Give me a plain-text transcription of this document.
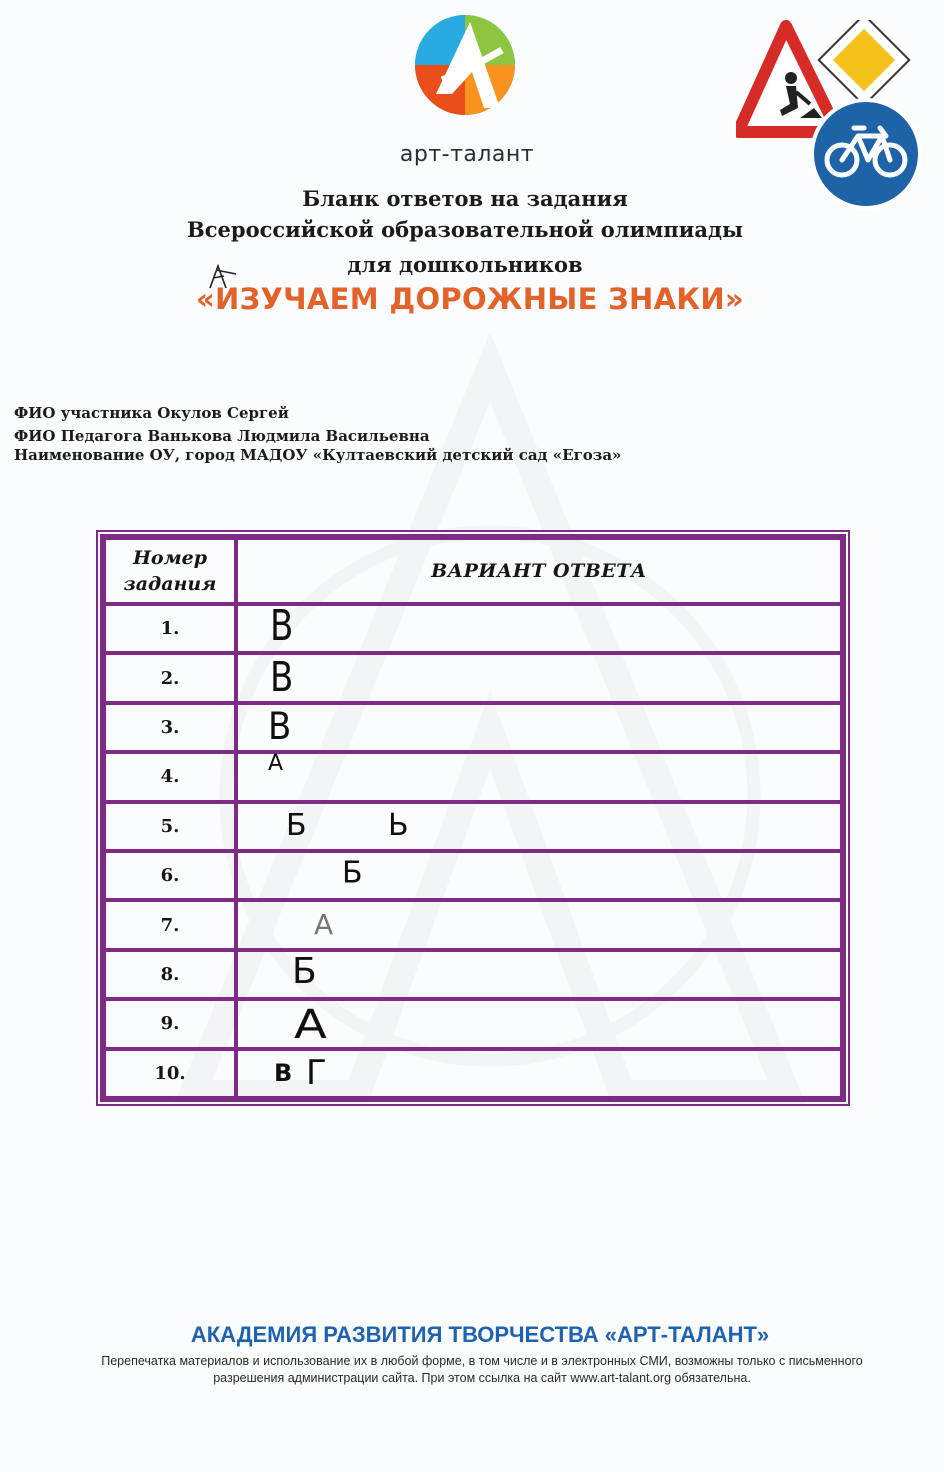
арт-талант
Бланк ответов на задания
Всероссийской образовательной олимпиады
для дошкольников
«ИЗУЧАЕМ ДОРОЖНЫЕ ЗНАКИ»
ФИО участника Окулов Сергей
ФИО Педагога Ванькова Людмила Васильевна
Наименование ОУ, город МАДОУ «Култаевский детский сад «Егоза»
Номер
задания	ВАРИАНТ ОТВЕТА
1.	В

2.	В

3.	В

4.	А

5.	Б Ь

6.	Б

7.	А

8.	Б

9.	А

10.	В Г
АКАДЕМИЯ РАЗВИТИЯ ТВОРЧЕСТВА «АРТ-ТАЛАНТ»
Перепечатка материалов и использование их в любой форме, в том числе и в электронных СМИ, возможны только с письменного
разрешения администрации сайта. При этом ссылка на сайт www.art-talant.org обязательна.
